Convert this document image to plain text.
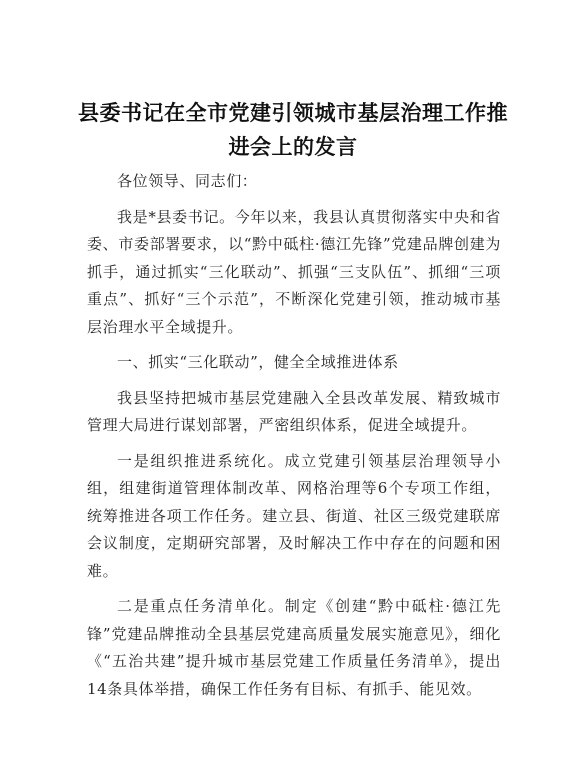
县委书记在全市党建引领城市基层治理工作推
进会上的发言

各位领导、同志们：

我是*县委书记。今年以来，我县认真贯彻落实中央和省委、市委部署要求，以“黔中砥柱·德江先锋”党建品牌创建为抓手，通过抓实“三化联动”、抓强“三支队伍”、抓细“三项重点”、抓好“三个示范”，不断深化党建引领，推动城市基层治理水平全域提升。

一、抓实“三化联动”，健全全域推进体系

我县坚持把城市基层党建融入全县改革发展、精致城市管理大局进行谋划部署，严密组织体系，促进全域提升。

一是组织推进系统化。成立党建引领基层治理领导小组，组建街道管理体制改革、网格治理等6个专项工作组，统筹推进各项工作任务。建立县、街道、社区三级党建联席会议制度，定期研究部署，及时解决工作中存在的问题和困难。

二是重点任务清单化。制定《创建“黔中砥柱·德江先锋”党建品牌推动全县基层党建高质量发展实施意见》，细化《“五治共建”提升城市基层党建工作质量任务清单》，提出14条具体举措，确保工作任务有目标、有抓手、能见效。
